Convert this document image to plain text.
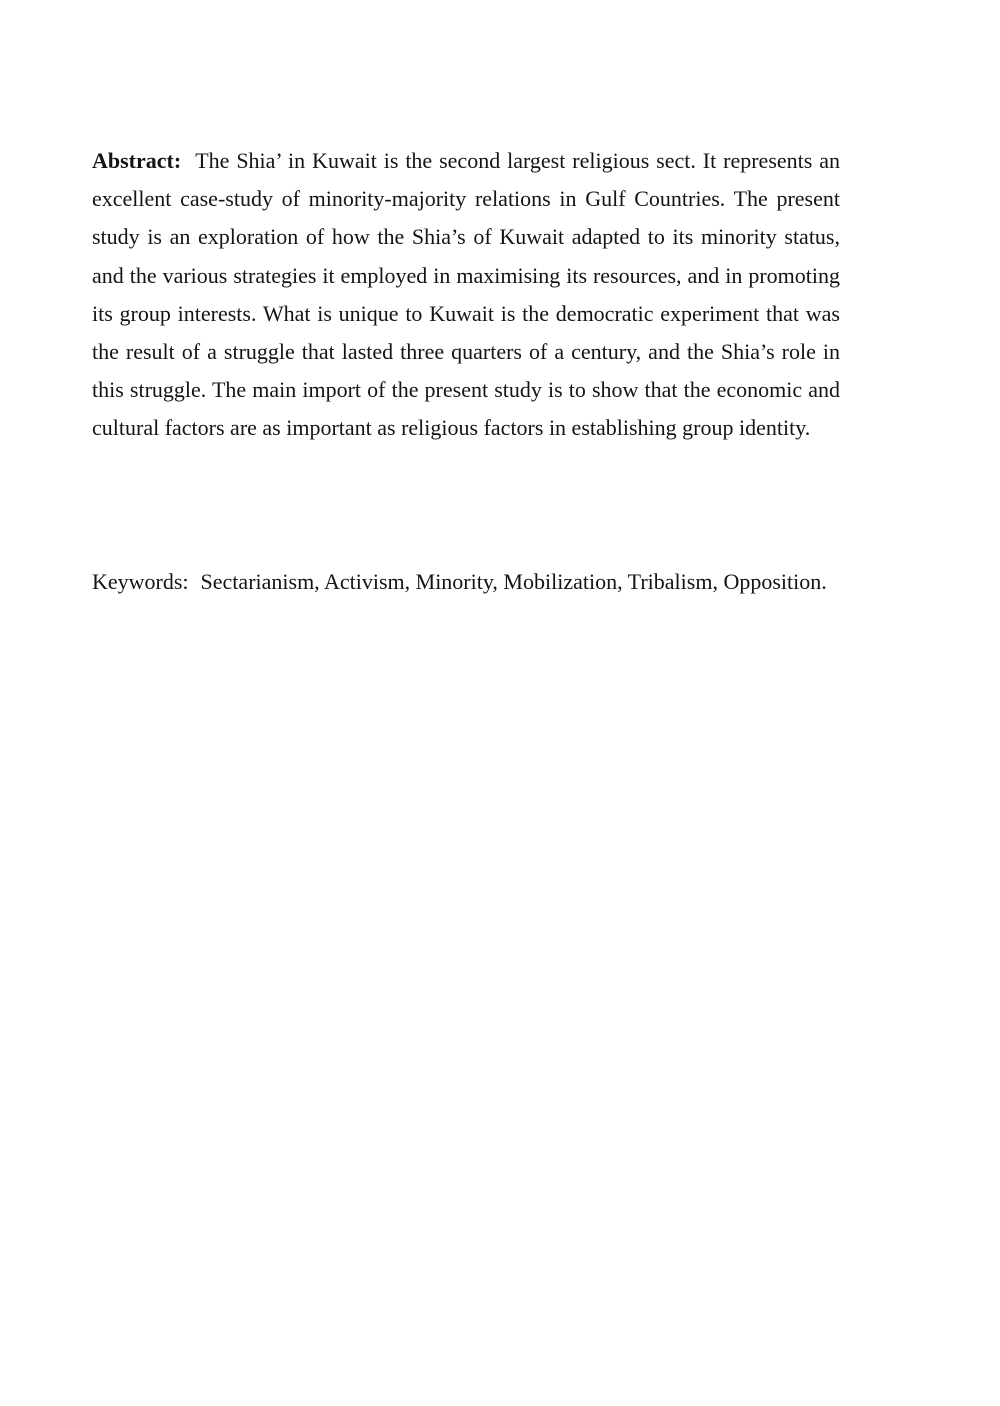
Abstract: The Shia’ in Kuwait is the second largest religious sect. It represents an excellent case-study of minority-majority relations in Gulf Countries. The present study is an exploration of how the Shia’s of Kuwait adapted to its minority status, and the various strategies it employed in maximising its resources, and in promoting its group interests. What is unique to Kuwait is the democratic experiment that was the result of a struggle that lasted three quarters of a century, and the Shia’s role in this struggle. The main import of the present study is to show that the economic and cultural factors are as important as religious factors in establishing group identity.

Keywords: Sectarianism, Activism, Minority, Mobilization, Tribalism, Opposition.
